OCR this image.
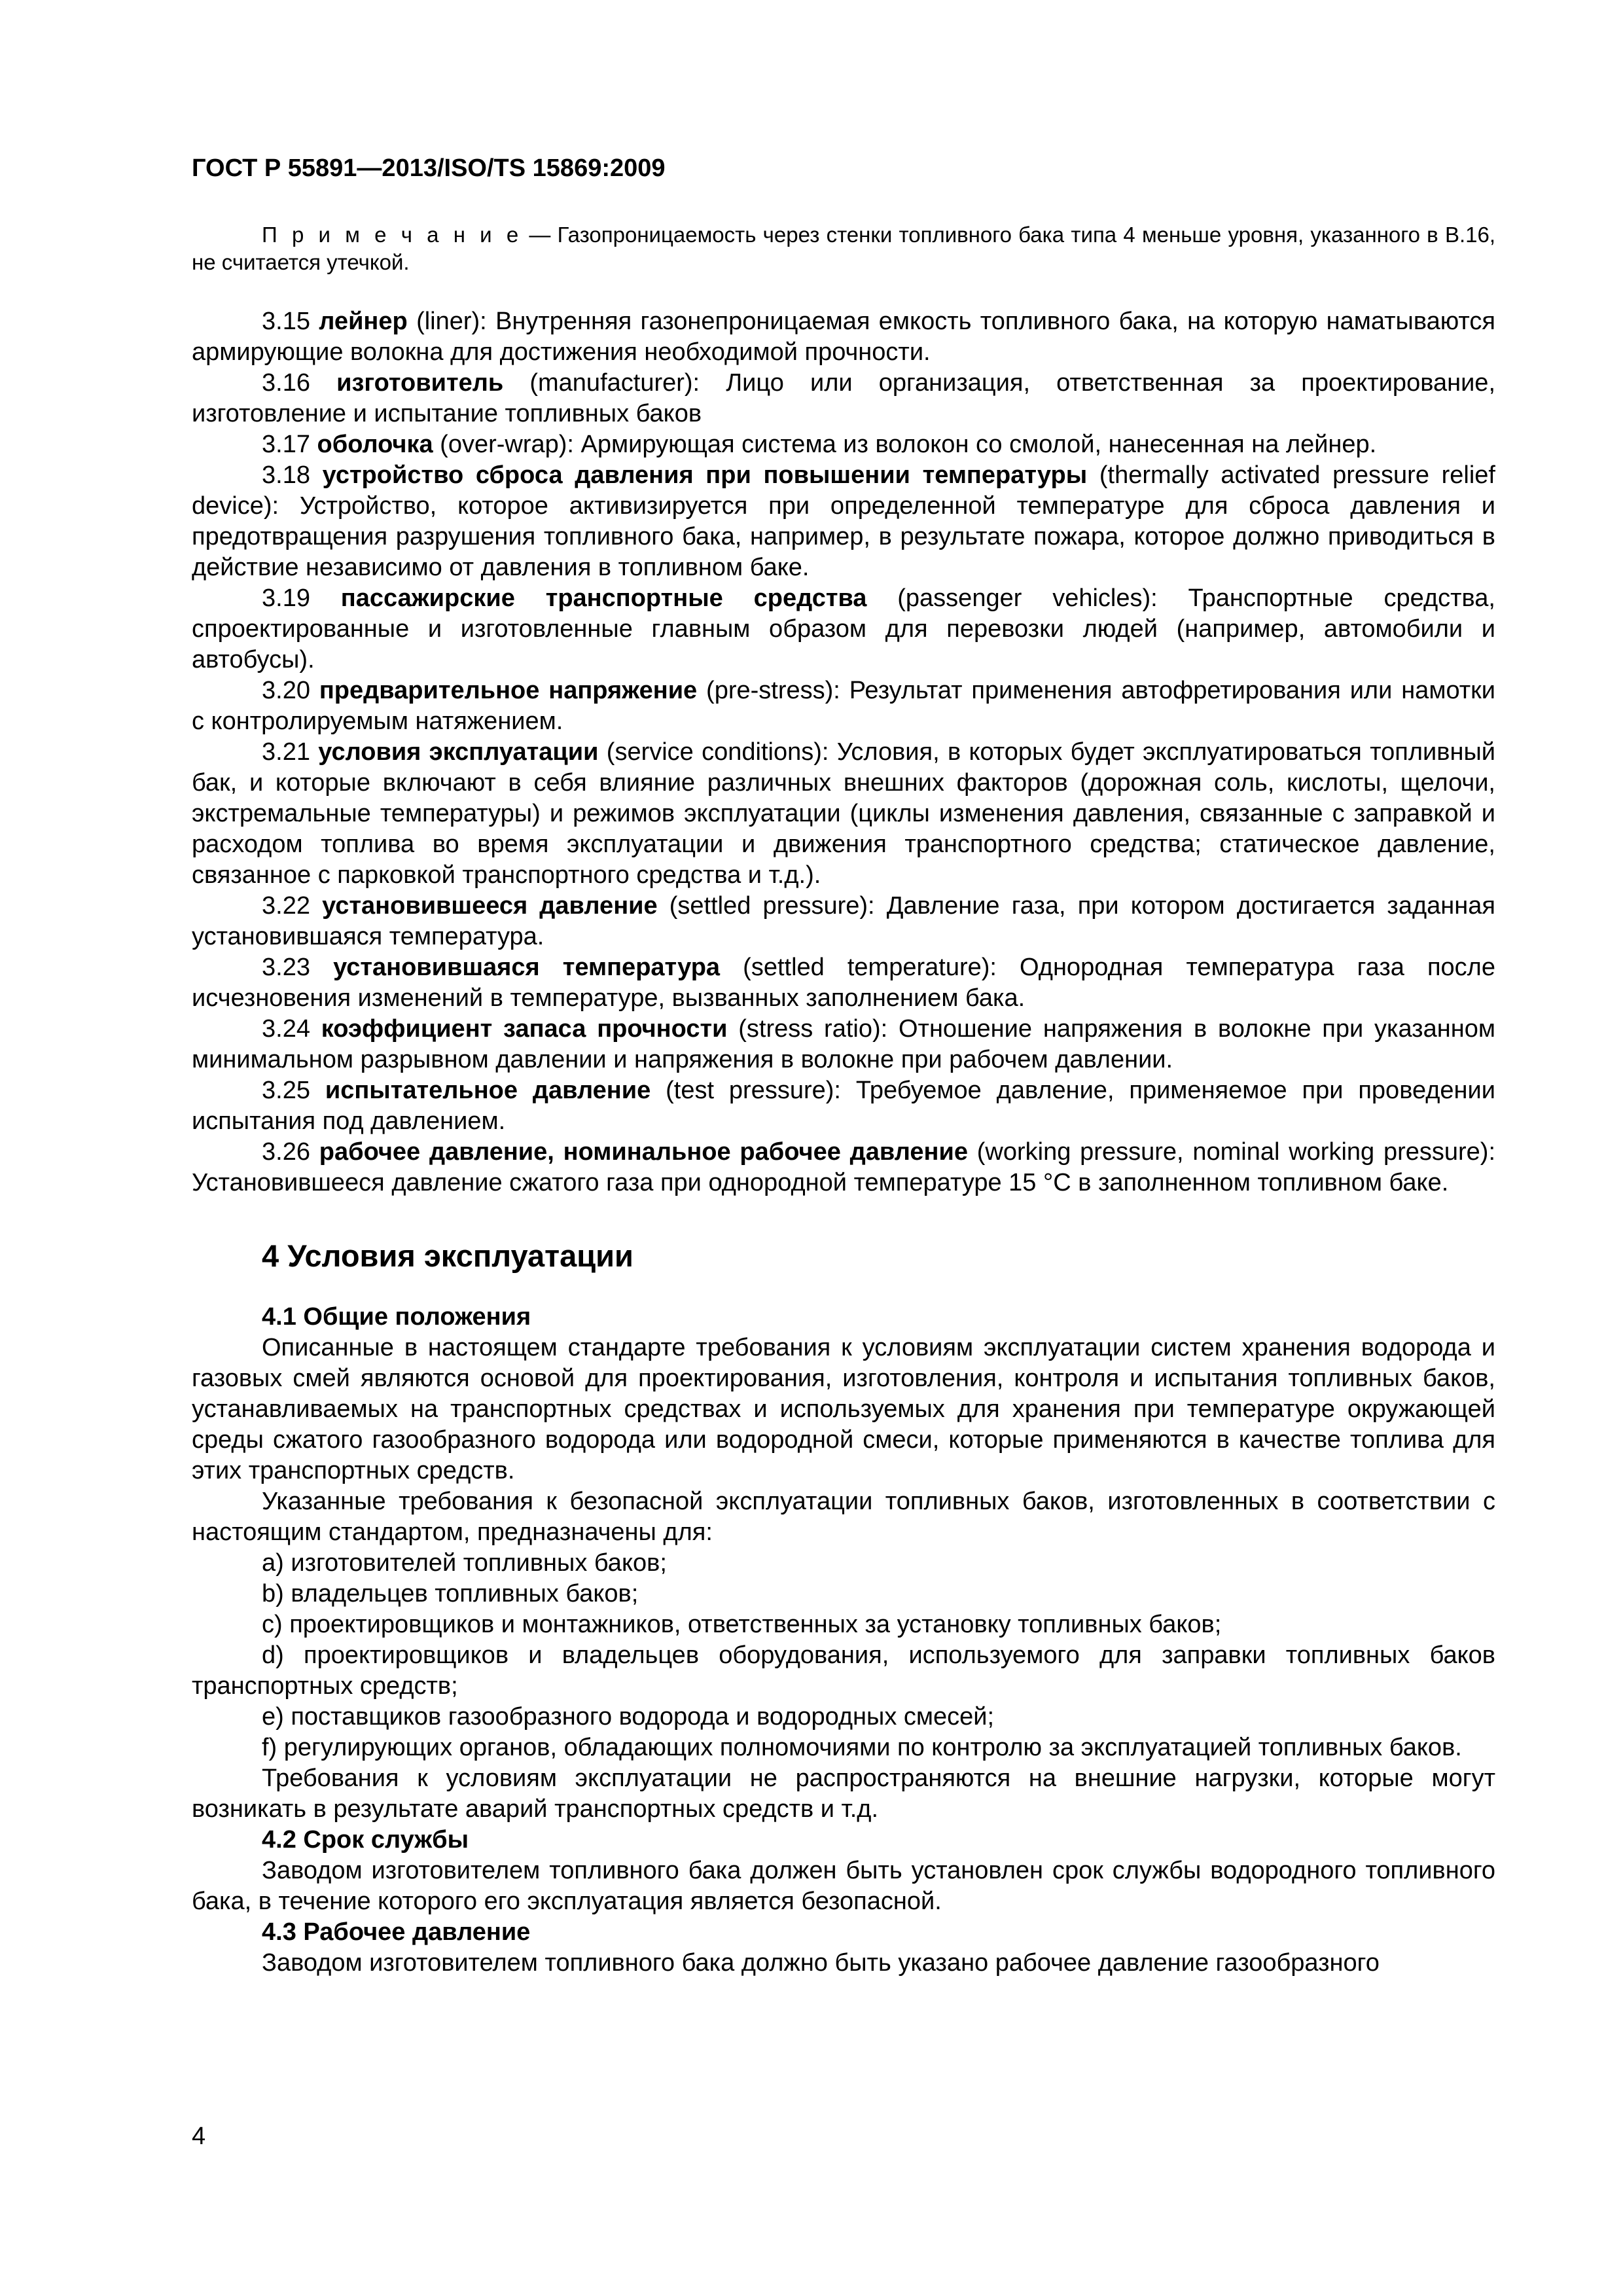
ГОСТ Р 55891—2013/ISO/TS 15869:2009
П р и м е ч а н и е — Газопроницаемость через стенки топливного бака типа 4 меньше уровня, указанного в В.16, не считается утечкой.

3.15 лейнер (liner): Внутренняя газонепроницаемая емкость топливного бака, на которую наматываются армирующие волокна для достижения необходимой прочности.

3.16 изготовитель (manufacturer): Лицо или организация, ответственная за проектирование, изготовление и испытание топливных баков

3.17 оболочка (over-wrap): Армирующая система из волокон со смолой, нанесенная на лейнер.

3.18 устройство сброса давления при повышении температуры (thermally activated pressure relief device): Устройство, которое активизируется при определенной температуре для сброса давления и предотвращения разрушения топливного бака, например, в результате пожара, которое должно приводиться в действие независимо от давления в топливном баке.

3.19 пассажирские транспортные средства (passenger vehicles): Транспортные средства, спроектированные и изготовленные главным образом для перевозки людей (например, автомобили и автобусы).

3.20 предварительное напряжение (pre-stress): Результат применения автофретирования или намотки с контролируемым натяжением.

3.21 условия эксплуатации (service conditions): Условия, в которых будет эксплуатироваться топливный бак, и которые включают в себя влияние различных внешних факторов (дорожная соль, кислоты, щелочи, экстремальные температуры) и режимов эксплуатации (циклы изменения давления, связанные с заправкой и расходом топлива во время эксплуатации и движения транспортного средства; статическое давление, связанное с парковкой транспортного средства и т.д.).

3.22 установившееся давление (settled pressure): Давление газа, при котором достигается заданная установившаяся температура.

3.23 установившаяся температура (settled temperature): Однородная температура газа после исчезновения изменений в температуре, вызванных заполнением бака.

3.24 коэффициент запаса прочности (stress ratio): Отношение напряжения в волокне при указанном минимальном разрывном давлении и напряжения в волокне при рабочем давлении.

3.25 испытательное давление (test pressure): Требуемое давление, применяемое при проведении испытания под давлением.

3.26 рабочее давление, номинальное рабочее давление (working pressure, nominal working pressure): Установившееся давление сжатого газа при однородной температуре 15 °С в заполненном топливном баке.

4 Условия эксплуатации

4.1 Общие положения

Описанные в настоящем стандарте требования к условиям эксплуатации систем хранения водорода и газовых смей являются основой для проектирования, изготовления, контроля и испытания топливных баков, устанавливаемых на транспортных средствах и используемых для хранения при температуре окружающей среды сжатого газообразного водорода или водородной смеси, которые применяются в качестве топлива для этих транспортных средств.

Указанные требования к безопасной эксплуатации топливных баков, изготовленных в соответствии с настоящим стандартом, предназначены для:

a) изготовителей топливных баков;

b) владельцев топливных баков;

c) проектировщиков и монтажников, ответственных за установку топливных баков;

d) проектировщиков и владельцев оборудования, используемого для заправки топливных баков транспортных средств;

e) поставщиков газообразного водорода и водородных смесей;

f) регулирующих органов, обладающих полномочиями по контролю за эксплуатацией топливных баков.

Требования к условиям эксплуатации не распространяются на внешние нагрузки, которые могут возникать в результате аварий транспортных средств и т.д.

4.2 Срок службы

Заводом изготовителем топливного бака должен быть установлен срок службы водородного топливного бака, в течение которого его эксплуатация является безопасной.

4.3 Рабочее давление

Заводом изготовителем топливного бака должно быть указано рабочее давление газообразного

4
